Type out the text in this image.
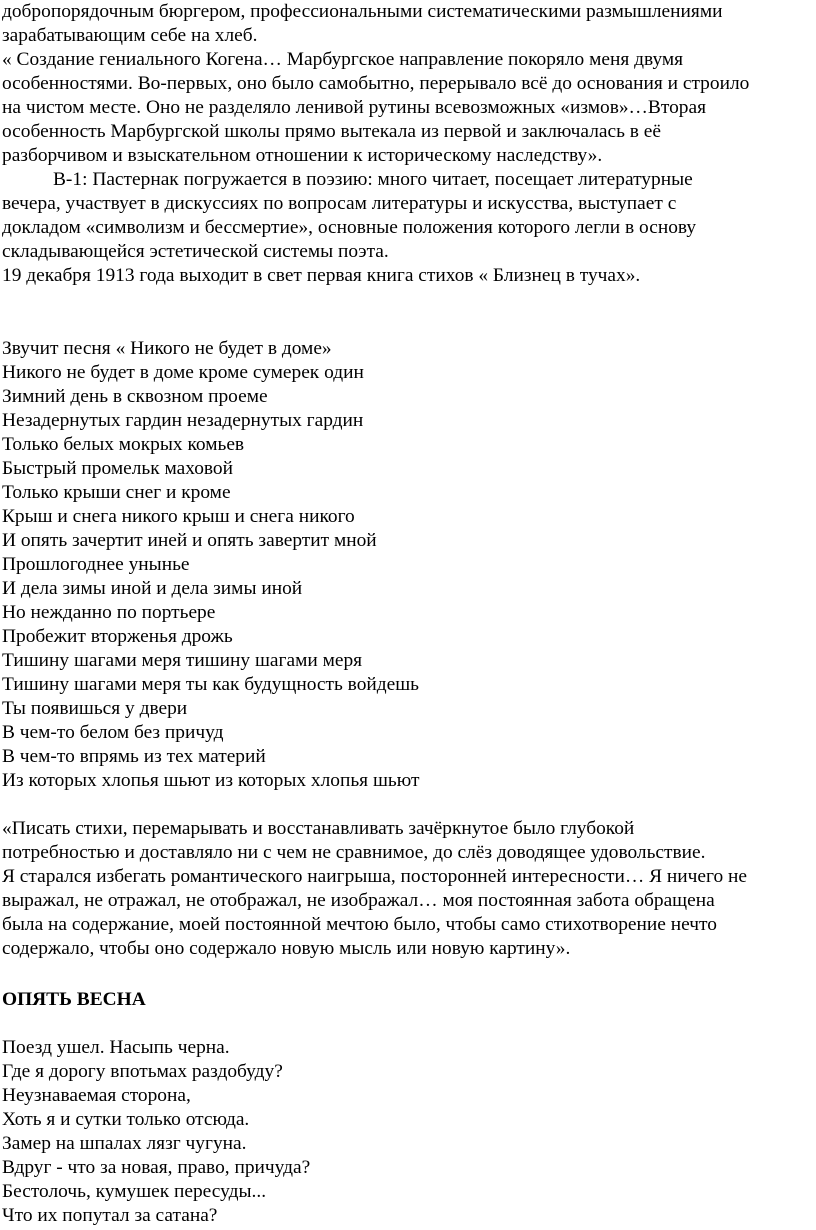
добропорядочным бюргером, профессиональными систематическими размышлениями
зарабатывающим себе на хлеб.
« Создание гениального Когена… Марбургское направление покоряло меня двумя
особенностями. Во-первых, оно было самобытно, перерывало всё до основания и строило
на чистом месте. Оно не разделяло ленивой рутины всевозможных «измов»…Вторая
особенность Марбургской школы прямо вытекала из первой и заключалась в её
разборчивом и взыскательном отношении к историческому наследству».
В-1: Пастернак погружается в поэзию: много читает, посещает литературные
вечера, участвует в дискуссиях по вопросам литературы и искусства, выступает с
докладом «символизм и бессмертие», основные положения которого легли в основу
складывающейся эстетической системы поэта.
19 декабря 1913 года выходит в свет первая книга стихов « Близнец в тучах».
Звучит песня « Никого не будет в доме»
Никого не будет в доме кроме сумерек один
Зимний день в сквозном проеме
Незадернутых гардин незадернутых гардин
Только белых мокрых комьев
Быстрый промельк маховой
Только крыши снег и кроме
Крыш и снега никого крыш и снега никого
И опять зачертит иней и опять завертит мной
Прошлогоднее унынье
И дела зимы иной и дела зимы иной
Но нежданно по портьере
Пробежит вторженья дрожь
Тишину шагами меря тишину шагами меря
Тишину шагами меря ты как будущность войдешь
Ты появишься у двери
В чем-то белом без причуд
В чем-то впрямь из тех материй
Из которых хлопья шьют из которых хлопья шьют
«Писать стихи, перемарывать и восстанавливать зачёркнутое было глубокой
потребностью и доставляло ни с чем не сравнимое, до слёз доводящее удовольствие.
Я старался избегать романтического наигрыша, посторонней интересности… Я ничего не
выражал, не отражал, не отображал, не изображал… моя постоянная забота обращена
была на содержание, моей постоянной мечтою было, чтобы само стихотворение нечто
содержало, чтобы оно содержало новую мысль или новую картину».
ОПЯТЬ ВЕСНА
Поезд ушел. Насыпь черна.
Где я дорогу впотьмах раздобуду?
Неузнаваемая сторона,
Хоть я и сутки только отсюда.
Замер на шпалах лязг чугуна.
Вдруг - что за новая, право, причуда?
Бестолочь, кумушек пересуды...
Что их попутал за сатана?
